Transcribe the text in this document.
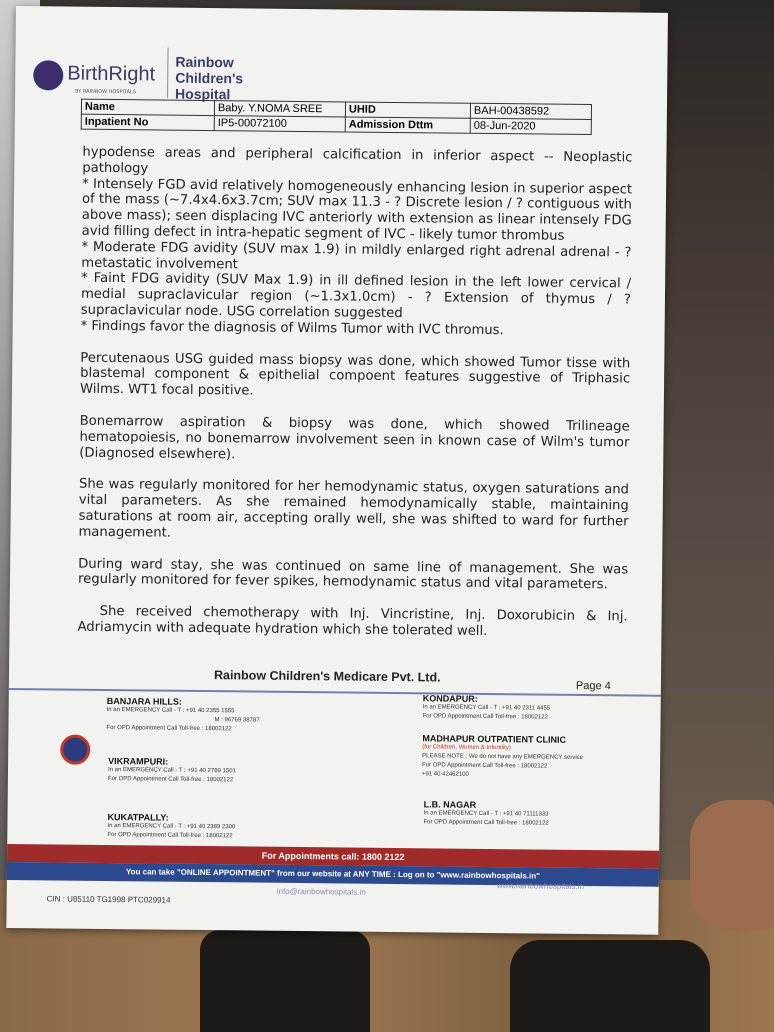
BirthRight
BY RAINBOW HOSPITALS
Rainbow
Children's
Hospital
Name	Baby. Y.NOMA SREE	UHID	BAH-00438592
Inpatient No	IP5-00072100	Admission Dttm	08-Jun-2020

hypodense areas and peripheral calcification in inferior aspect -- Neoplastic pathology

* Intensely FGD avid relatively homogeneously enhancing lesion in superior aspect of the mass (~7.4x4.6x3.7cm; SUV max 11.3 - ? Discrete lesion / ? contiguous with above mass); seen displacing IVC anteriorly with extension as linear intensely FDG avid filling defect in intra-hepatic segment of IVC - likely tumor thrombus

* Moderate FDG avidity (SUV max 1.9) in mildly enlarged right adrenal adrenal - ? metastatic involvement

* Faint FDG avidity (SUV Max 1.9) in ill defined lesion in the left lower cervical / medial supraclavicular region (~1.3x1.0cm) - ? Extension of thymus / ? supraclavicular node. USG correlation suggested

* Findings favor the diagnosis of Wilms Tumor with IVC thromus.

Percutenaous USG guided mass biopsy was done, which showed Tumor tisse with blastemal component & epithelial compoent features suggestive of Triphasic Wilms. WT1 focal positive.

Bonemarrow aspiration & biopsy was done, which showed Trilineage hematopoiesis, no bonemarrow involvement seen in known case of Wilm's tumor (Diagnosed elsewhere).

She was regularly monitored for her hemodynamic status, oxygen saturations and vital parameters. As she remained hemodynamically stable, maintaining saturations at room air, accepting orally well, she was shifted to ward for further management.

During ward stay, she was continued on same line of management. She was regularly monitored for fever spikes, hemodynamic status and vital parameters.

She received chemotherapy with Inj. Vincristine, Inj. Doxorubicin & Inj. Adriamycin with adequate hydration which she tolerated well.

Rainbow Children's Medicare Pvt. Ltd.
Page 4
BANJARA HILLS:
In an EMERGENCY Call - T : +91 40 2355 1555
M : 96769 38787
For OPD Appointment Call Toll-free : 18002122
VIKRAMPURI:
In an EMERGENCY Call - T : +91 40 2789 1501
For OPD Appointment Call Toll-free : 18002122
KUKATPALLY:
In an EMERGENCY Call - T : +91 40 2389 2300
For OPD Appointment Call Toll-free : 18002122
KONDAPUR:
In an EMERGENCY Call - T : +91 40 2311 4455
For OPD Appointment Call Toll-free : 18002122
MADHAPUR OUTPATIENT CLINIC
(for Children, Women & Infertility)
PLEASE NOTE : We do not have any EMERGENCY service
For OPD Appointment Call Toll-free : 18002122
+91 40 42462100
L.B. NAGAR
In an EMERGENCY Call - T : +91 40 71111333
For OPD Appointment Call Toll-free : 18002122
For Appointments call: 1800 2122
You can take "ONLINE APPOINTMENT" from our website at ANY TIME : Log on to "www.rainbowhospitals.in"
CIN : U85110 TG1998 PTC029914
info@rainbowhospitals.in
www.rainbowhospitals.in
